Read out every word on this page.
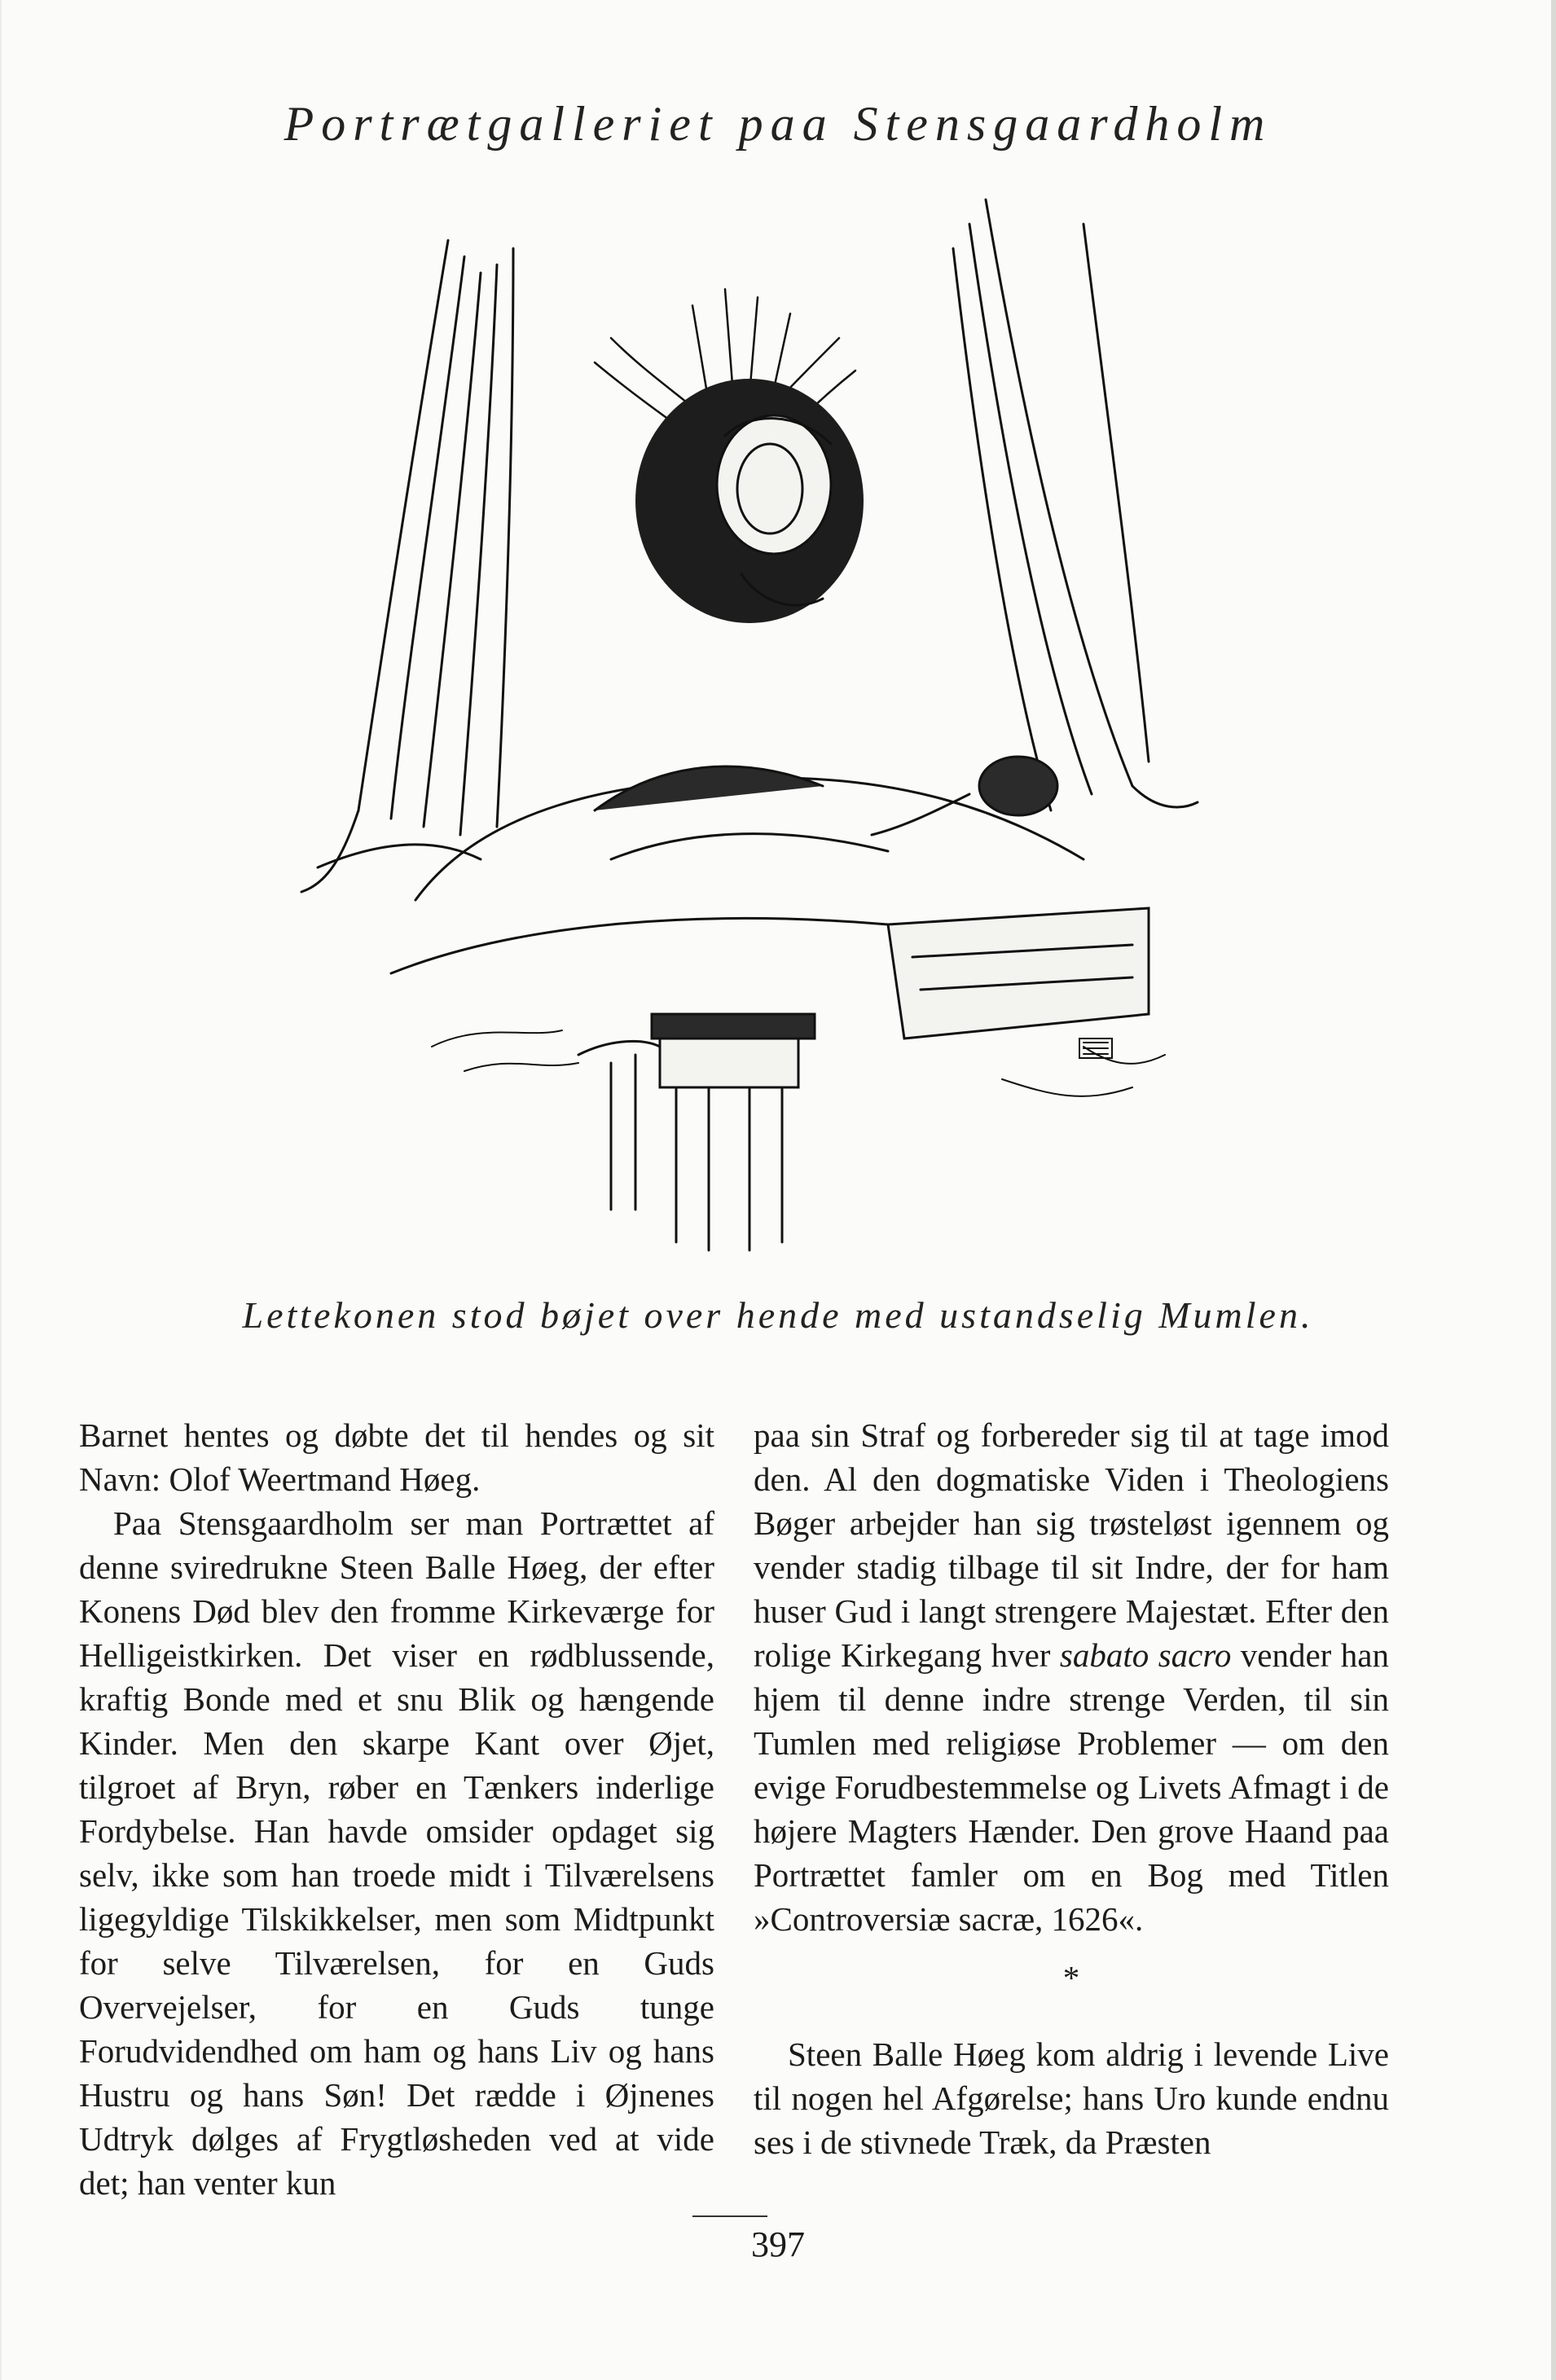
Portrætgalleriet paa Stensgaardholm
Lettekonen stod bøjet over hende med ustandselig Mumlen.

Barnet hentes og døbte det til hendes og sit Navn: Olof Weertmand Høeg.

Paa Stensgaardholm ser man Portrættet af denne sviredrukne Steen Balle Høeg, der efter Konens Død blev den fromme Kirkeværge for Helligeistkirken. Det viser en rødblussende, kraftig Bonde med et snu Blik og hængende Kinder. Men den skarpe Kant over Øjet, tilgroet af Bryn, røber en Tænkers inderlige Fordybelse. Han havde omsider opdaget sig selv, ikke som han troede midt i Tilværelsens ligegyldige Tilskikkelser, men som Midtpunkt for selve Tilværelsen, for en Guds Overvejelser, for en Guds tunge Forudvidendhed om ham og hans Liv og hans Hustru og hans Søn! Det rædde i Øjnenes Udtryk dølges af Frygtløsheden ved at vide det; han venter kun

paa sin Straf og forbereder sig til at tage imod den. Al den dogmatiske Viden i Theologiens Bøger arbejder han sig trøsteløst igennem og vender stadig tilbage til sit Indre, der for ham huser Gud i langt strengere Majestæt. Efter den rolige Kirkegang hver sabato sacro vender han hjem til denne indre strenge Verden, til sin Tumlen med religiøse Problemer — om den evige Forudbestemmelse og Livets Afmagt i de højere Magters Hænder. Den grove Haand paa Portrættet famler om en Bog med Titlen »Controversiæ sacræ, 1626«.

*

Steen Balle Høeg kom aldrig i levende Live til nogen hel Afgørelse; hans Uro kunde endnu ses i de stivnede Træk, da Præsten

397
